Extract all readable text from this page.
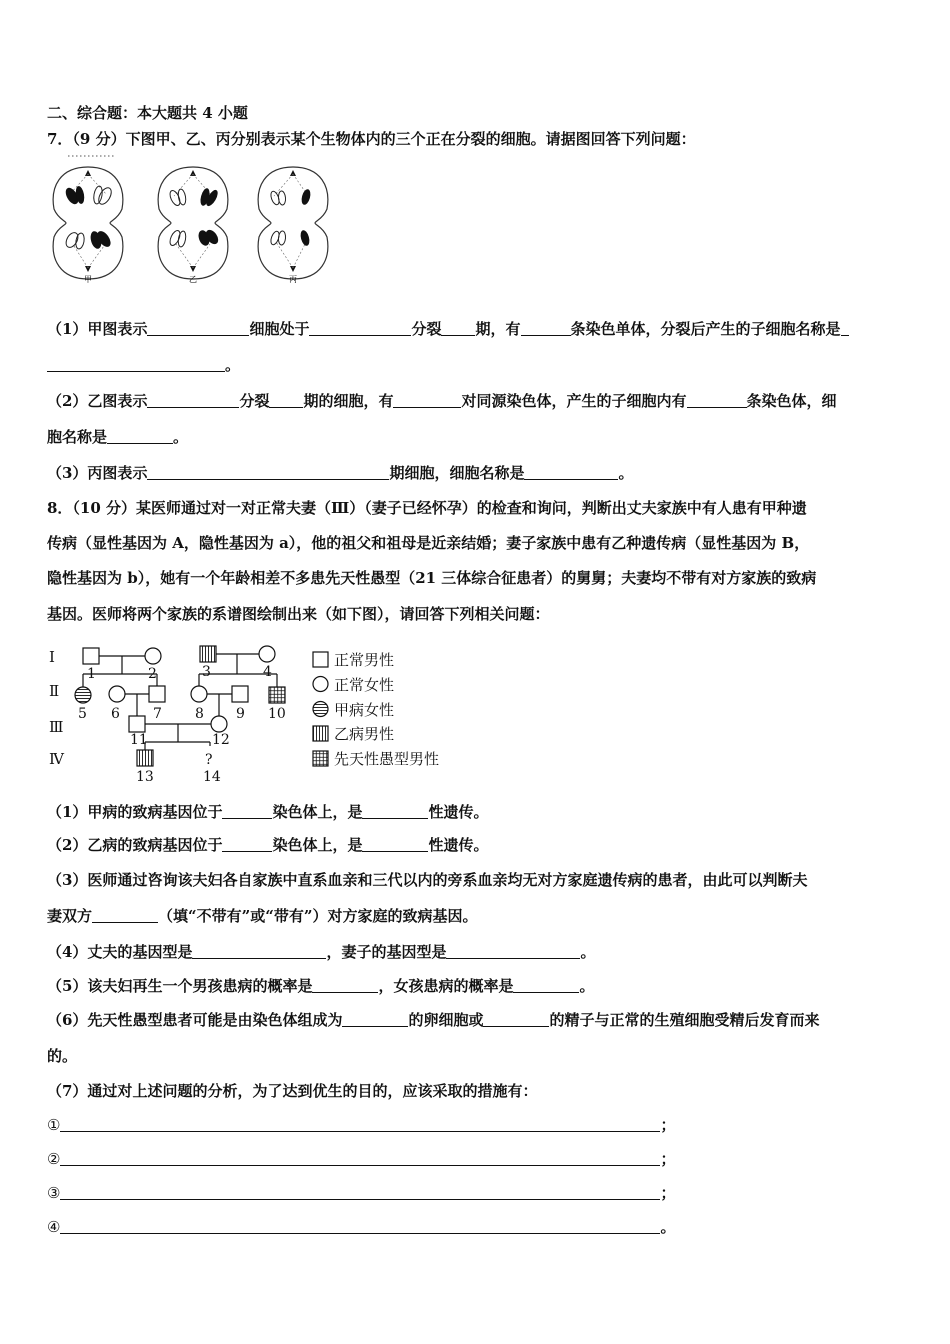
二、综合题：本大题共 4 小题
7．（9 分）下图甲、乙、丙分别表示某个生物体内的三个正在分裂的细胞。请据图回答下列问题：
甲	乙	丙
（1）甲图表示	细胞处于	分裂 期，有	条染色单体，分裂后产生的子细胞名称是
。
（2）乙图表示	分裂 期的细胞，有	对同源染色体，产生的子细胞内有	条染色体，细
胞名称是	。
（3）丙图表示	期细胞，细胞名称是	。
8．（10 分）某医师通过对一对正常夫妻（Ⅲ）（妻子已经怀孕）的检查和询问，判断出丈夫家族中有人患有甲种遗
传病（显性基因为 A，隐性基因为 a），他的祖父和祖母是近亲结婚；妻子家族中患有乙种遗传病（显性基因为 B，
隐性基因为 b），她有一个年龄相差不多患先天性愚型（21 三体综合征患者）的舅舅；夫妻均不带有对方家族的致病
基因。医师将两个家族的系谱图绘制出来（如下图），请回答下列相关问题：
Ⅰ
Ⅱ
Ⅲ
Ⅳ
1	2	3	4
5 6 7 8 9 10
11	12
?
13	14
正常男性
正常女性
甲病女性
乙病男性
先天性愚型男性
（1）甲病的致病基因位于	染色体上，是	性遗传。
（2）乙病的致病基因位于	染色体上，是	性遗传。
（3）医师通过咨询该夫妇各自家族中直系血亲和三代以内的旁系血亲均无对方家庭遗传病的患者，由此可以判断夫
妻双方	（填“不带有”或“带有”）对方家庭的致病基因。
（4）丈夫的基因型是	，妻子的基因型是	。
（5）该夫妇再生一个男孩患病的概率是	，女孩患病的概率是	。
（6）先天性愚型患者可能是由染色体组成为	的卵细胞或	的精子与正常的生殖细胞受精后发育而来
的。
（7）通过对上述问题的分析，为了达到优生的目的，应该采取的措施有：
①	；
②	；
③	；
④	。
